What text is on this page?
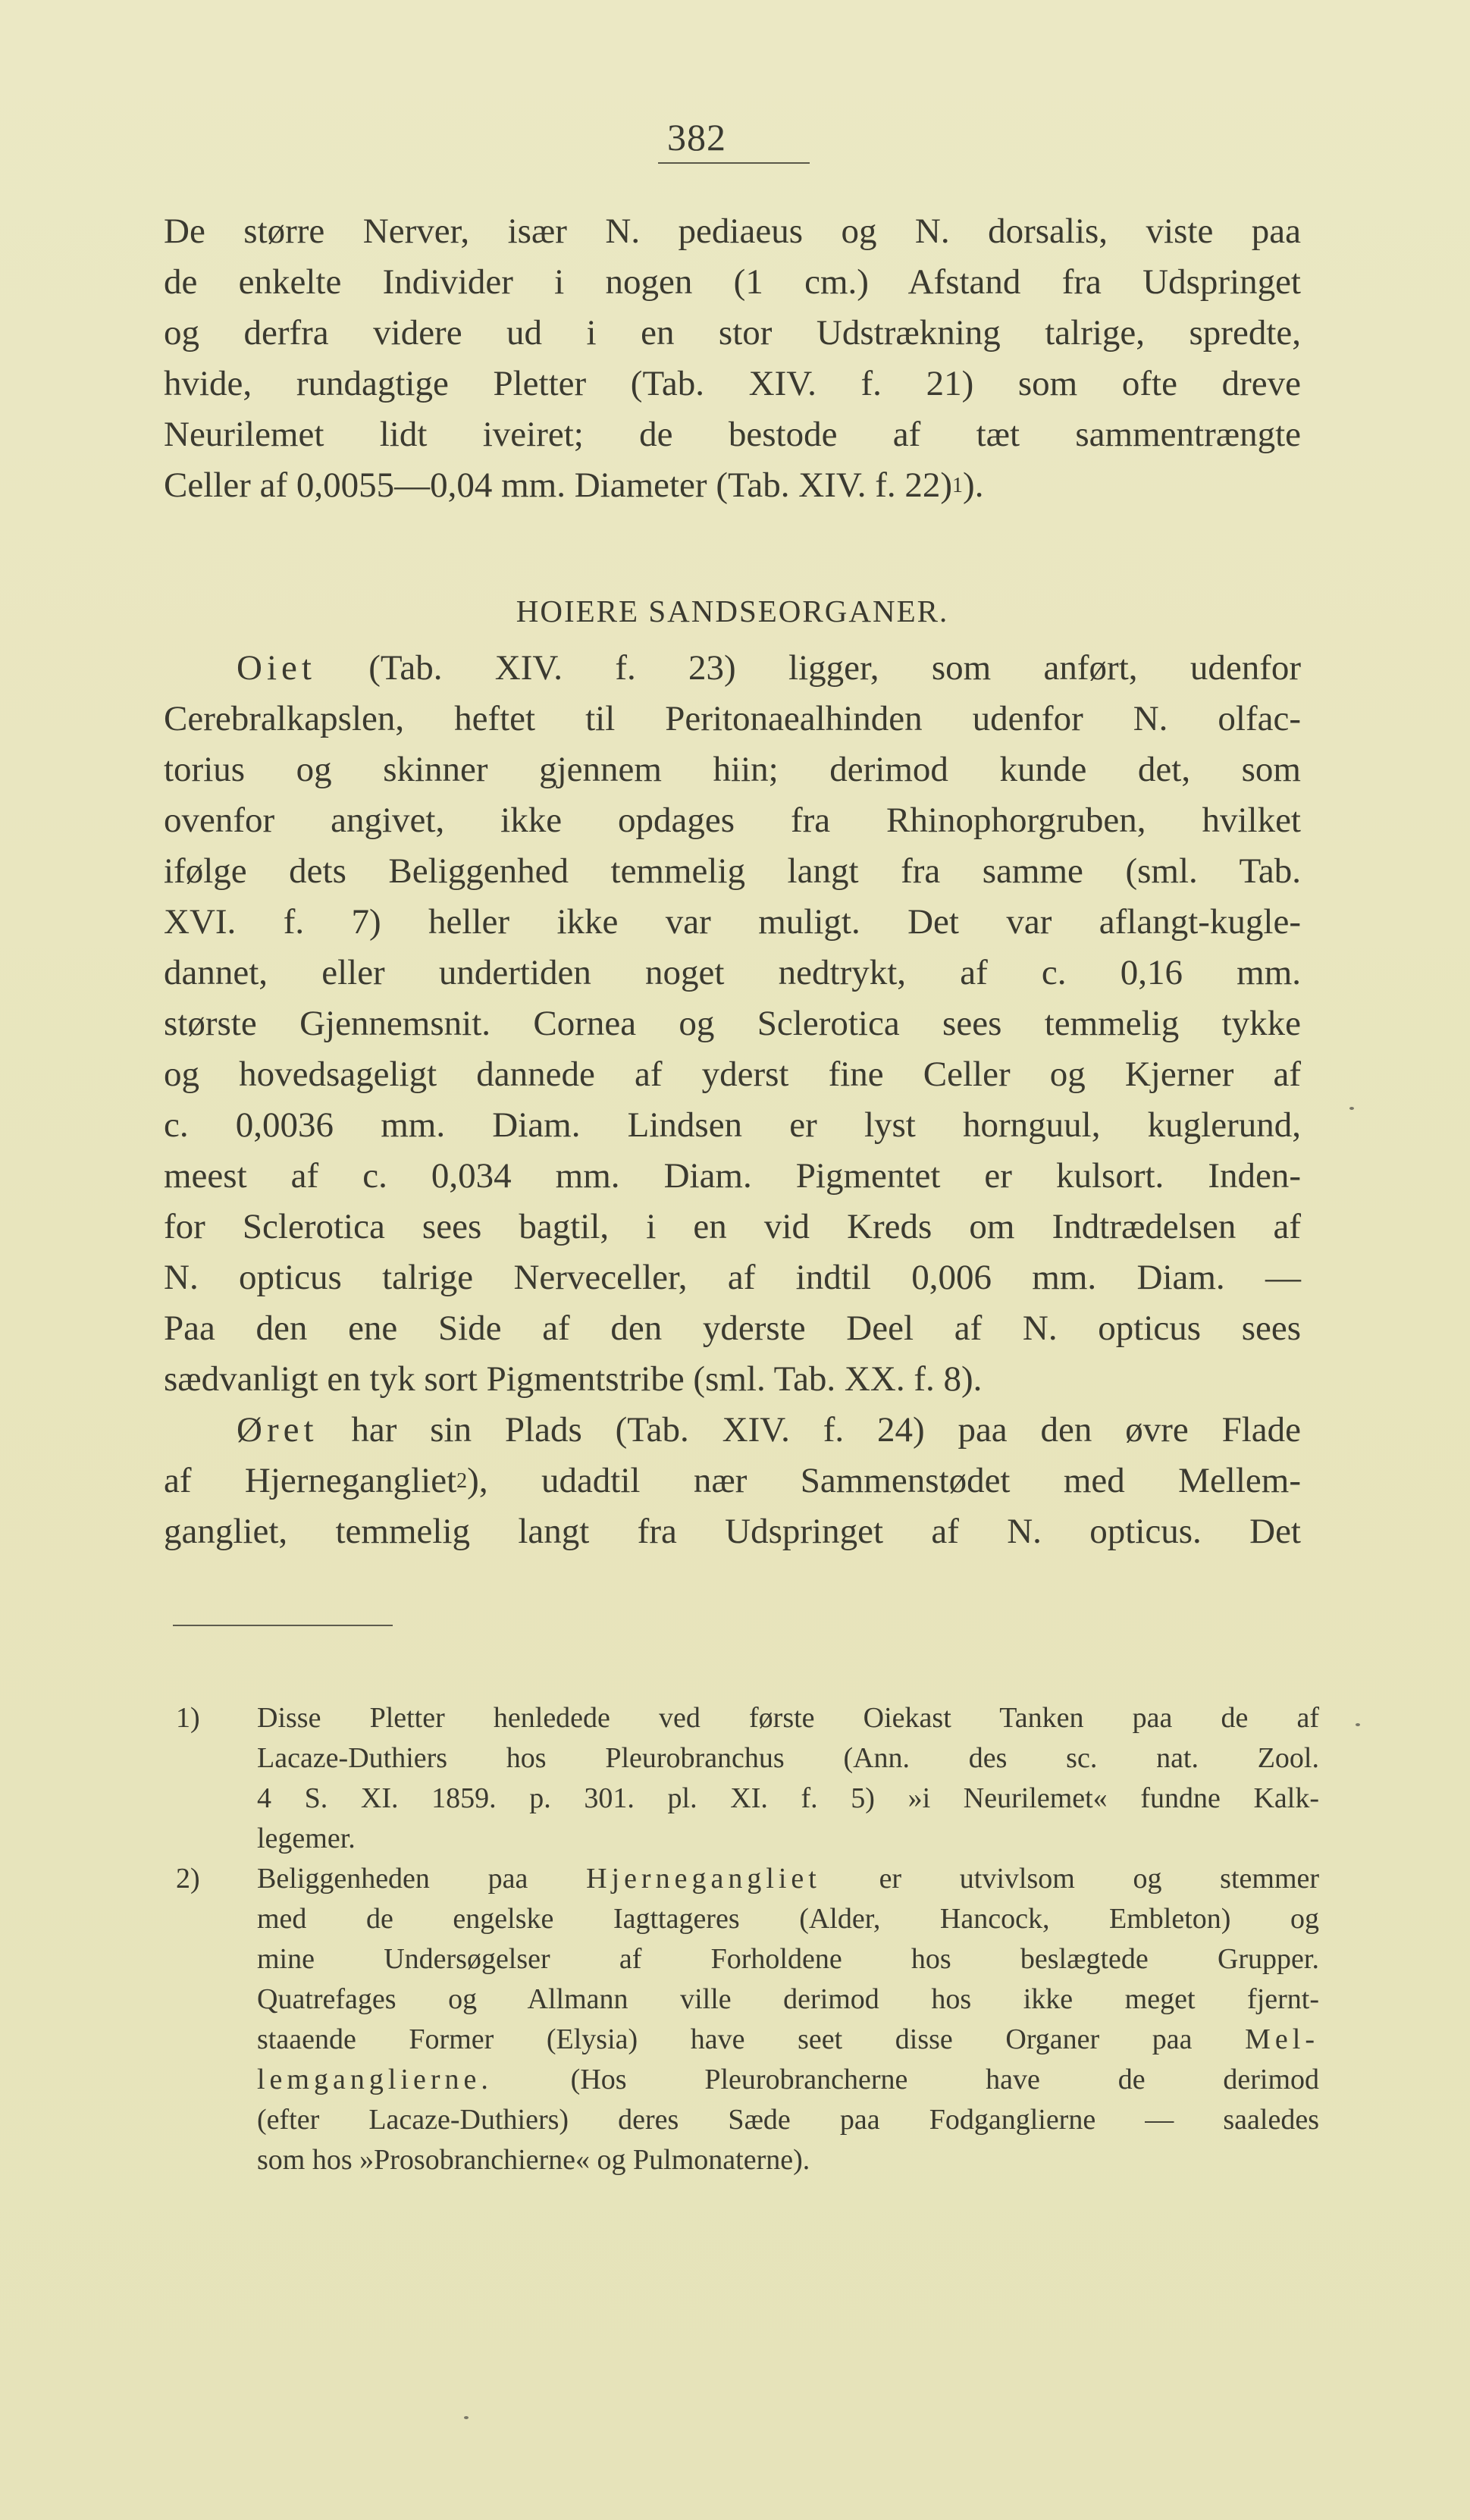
382
De større Nerver, især N. pediaeus og N. dorsalis, viste paa
de enkelte Individer i nogen (1 cm.) Afstand fra Udspringet
og derfra videre ud i en stor Udstrækning talrige, spredte,
hvide, rundagtige Pletter (Tab. XIV. f. 21) som ofte dreve
Neurilemet lidt iveiret; de bestode af tæt sammentrængte
Celler af 0,0055—0,04 mm. Diameter (Tab. XIV. f. 22)$^1$).
HOIERE SANDSEORGANER.
Oiet (Tab. XIV. f. 23) ligger, som anført, udenfor
Cerebralkapslen, heftet til Peritonaealhinden udenfor N. olfac-
torius og skinner gjennem hiin; derimod kunde det, som
ovenfor angivet, ikke opdages fra Rhinophorgruben, hvilket
ifølge dets Beliggenhed temmelig langt fra samme (sml. Tab.
XVI. f. 7) heller ikke var muligt. Det var aflangt-kugle-
dannet, eller undertiden noget nedtrykt, af c. 0,16 mm.
største Gjennemsnit. Cornea og Sclerotica sees temmelig tykke
og hovedsageligt dannede af yderst fine Celler og Kjerner af
c. 0,0036 mm. Diam. Lindsen er lyst hornguul, kuglerund,
meest af c. 0,034 mm. Diam. Pigmentet er kulsort. Inden-
for Sclerotica sees bagtil, i en vid Kreds om Indtrædelsen af
N. opticus talrige Nerveceller, af indtil 0,006 mm. Diam. —
Paa den ene Side af den yderste Deel af N. opticus sees
sædvanligt en tyk sort Pigmentstribe (sml. Tab. XX. f. 8).
Øret har sin Plads (Tab. XIV. f. 24) paa den øvre Flade
af Hjernegangliet$^2$), udadtil nær Sammenstødet med Mellem-
gangliet, temmelig langt fra Udspringet af N. opticus. Det
1) Disse Pletter henledede ved første Oiekast Tanken paa de af
Lacaze-Duthiers hos Pleurobranchus (Ann. des sc. nat. Zool.
4 S. XI. 1859. p. 301. pl. XI. f. 5) »i Neurilemet« fundne Kalk-
legemer.
2) Beliggenheden paa Hjernegangliet er utvivlsom og stemmer
med de engelske Iagttageres (Alder, Hancock, Embleton) og
mine Undersøgelser af Forholdene hos beslægtede Grupper.
Quatrefages og Allmann ville derimod hos ikke meget fjernt-
staaende Former (Elysia) have seet disse Organer paa Mel-
lemganglierne.	(Hos Pleurobrancherne have de derimod
(efter Lacaze-Duthiers) deres Sæde paa Fodganglierne — saaledes
som hos »Prosobranchierne« og Pulmonaterne).
